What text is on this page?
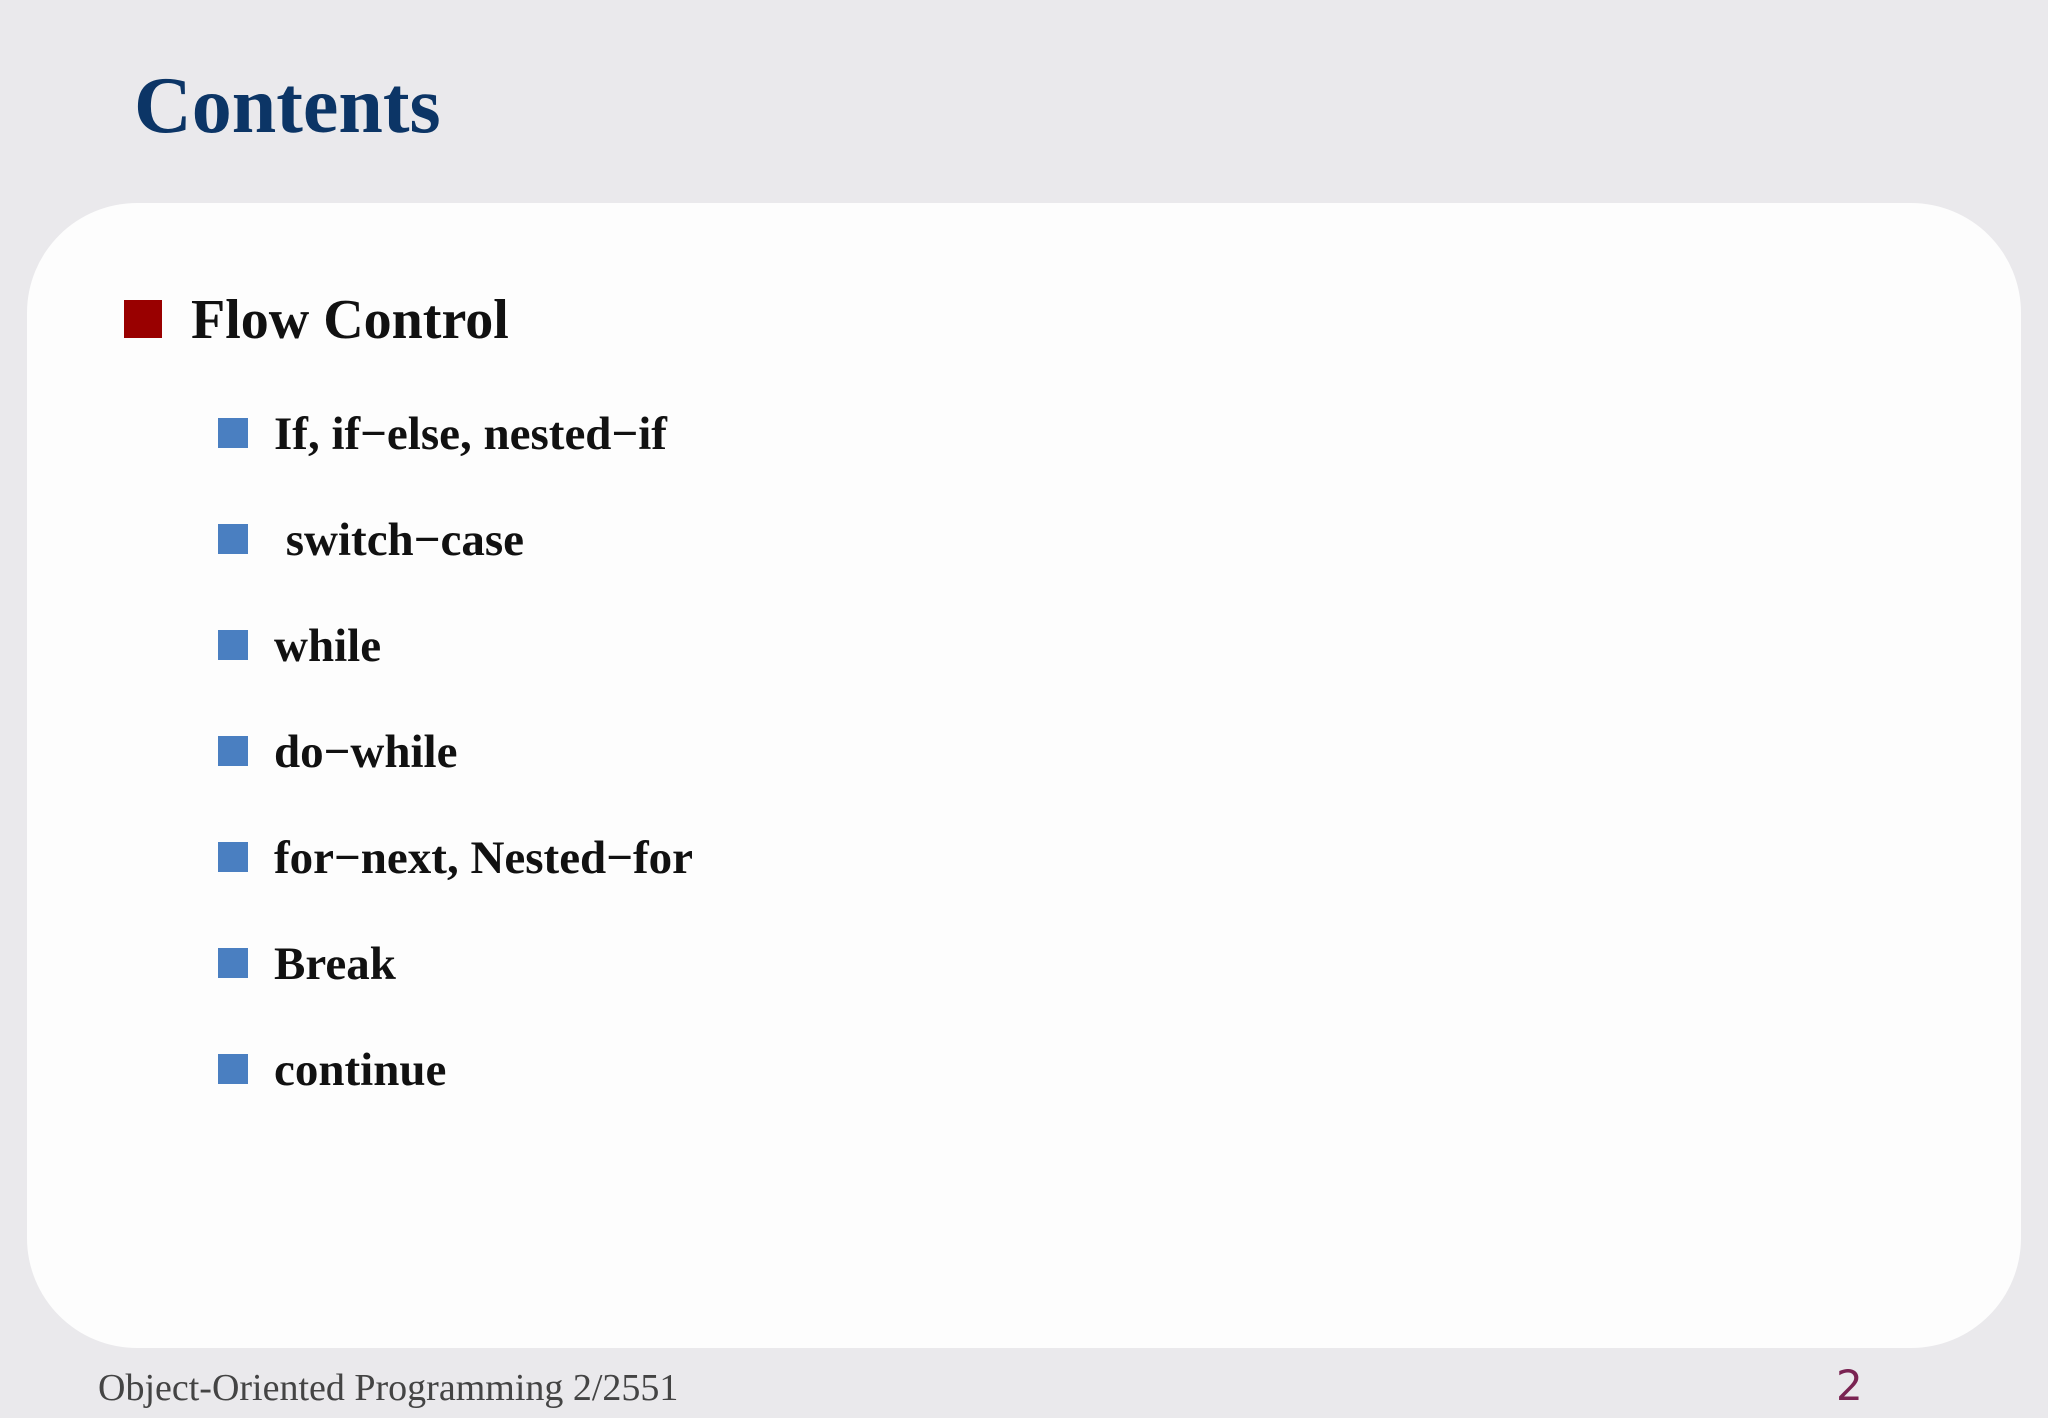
Contents
Flow Control
If, if−else, nested−if
switch−case
while
do−while
for−next, Nested−for
Break
continue
Object-Oriented Programming 2/2551	2
